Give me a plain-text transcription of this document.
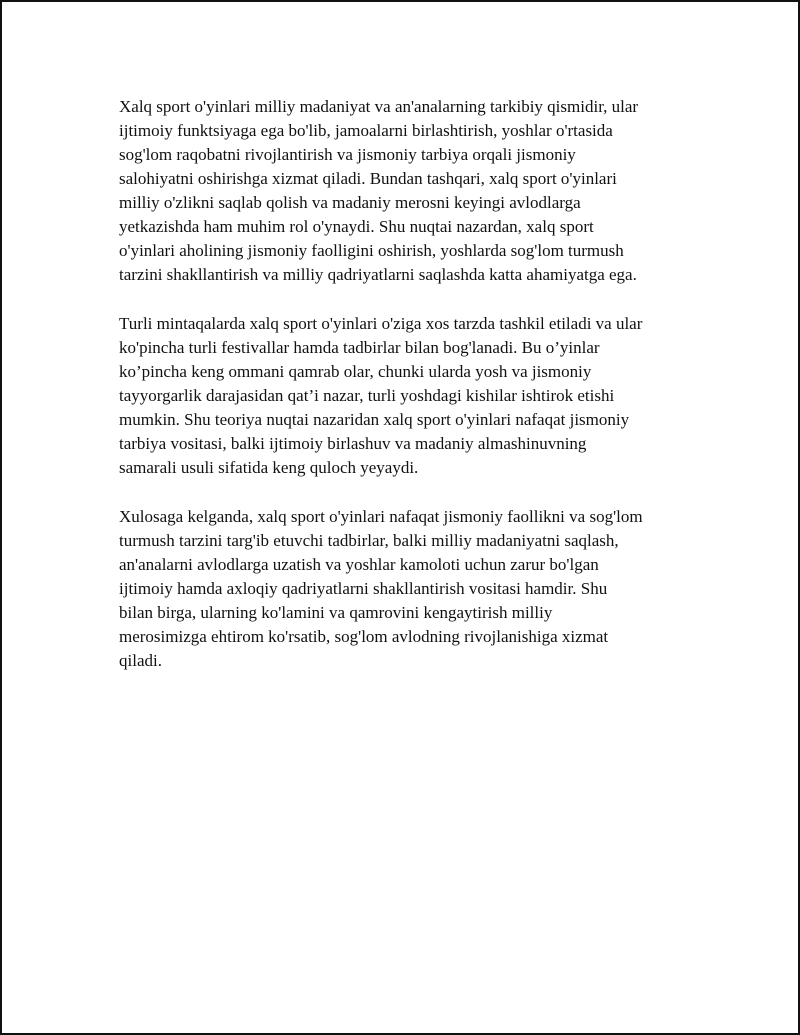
Xalq sport o'yinlari milliy madaniyat va an'analarning tarkibiy qismidir, ular
ijtimoiy funktsiyaga ega bo'lib, jamoalarni birlashtirish, yoshlar o'rtasida
sog'lom raqobatni rivojlantirish va jismoniy tarbiya orqali jismoniy
salohiyatni oshirishga xizmat qiladi. Bundan tashqari, xalq sport o'yinlari
milliy o'zlikni saqlab qolish va madaniy merosni keyingi avlodlarga
yetkazishda ham muhim rol o'ynaydi. Shu nuqtai nazardan, xalq sport
o'yinlari aholining jismoniy faolligini oshirish, yoshlarda sog'lom turmush
tarzini shakllantirish va milliy qadriyatlarni saqlashda katta ahamiyatga ega.

Turli mintaqalarda xalq sport o'yinlari o'ziga xos tarzda tashkil etiladi va ular
ko'pincha turli festivallar hamda tadbirlar bilan bog'lanadi. Bu o’yinlar
ko’pincha keng ommani qamrab olar, chunki ularda yosh va jismoniy
tayyorgarlik darajasidan qat’i nazar, turli yoshdagi kishilar ishtirok etishi
mumkin. Shu teoriya nuqtai nazaridan xalq sport o'yinlari nafaqat jismoniy
tarbiya vositasi, balki ijtimoiy birlashuv va madaniy almashinuvning
samarali usuli sifatida keng quloch yeyaydi.

Xulosaga kelganda, xalq sport o'yinlari nafaqat jismoniy faollikni va sog'lom
turmush tarzini targ'ib etuvchi tadbirlar, balki milliy madaniyatni saqlash,
an'analarni avlodlarga uzatish va yoshlar kamoloti uchun zarur bo'lgan
ijtimoiy hamda axloqiy qadriyatlarni shakllantirish vositasi hamdir. Shu
bilan birga, ularning ko'lamini va qamrovini kengaytirish milliy
merosimizga ehtirom ko'rsatib, sog'lom avlodning rivojlanishiga xizmat
qiladi.
